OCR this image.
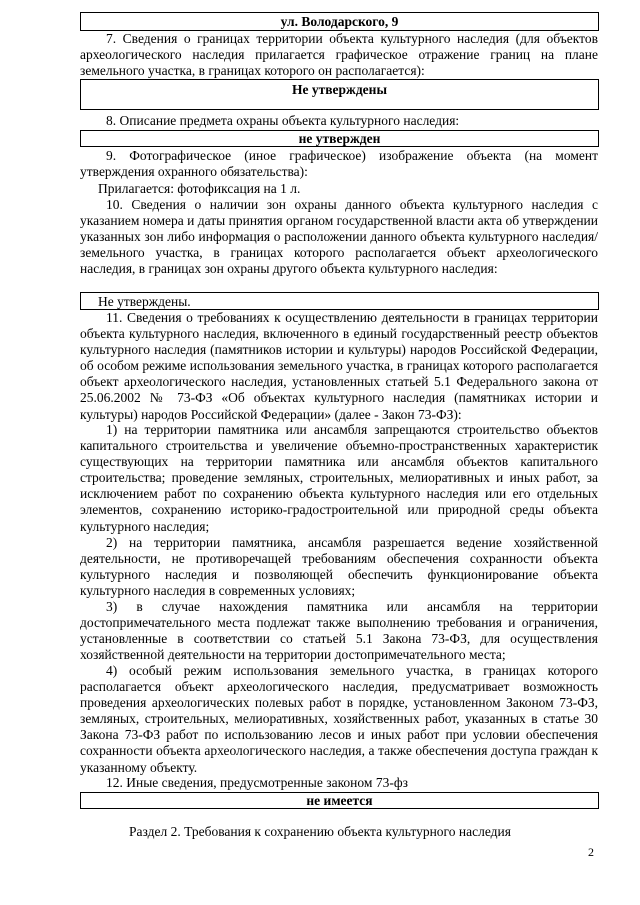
ул. Володарского, 9

7. Сведения о границах территории объекта культурного наследия (для объектов археологического наследия прилагается графическое отражение границ на плане земельного участка, в границах которого он располагается):

Не утверждены

8. Описание предмета охраны объекта культурного наследия:

не утвержден

9. Фотографическое (иное графическое) изображение объекта (на момент утверждения охранного обязательства):

Прилагается: фотофиксация на 1 л.

10. Сведения о наличии зон охраны данного объекта культурного наследия с указанием номера и даты принятия органом государственной власти акта об утверждении указанных зон либо информация о расположении данного объекта культурного наследия/земельного участка, в границах которого располагается объект археологического наследия, в границах зон охраны другого объекта культурного наследия:

Не утверждены.

11. Сведения о требованиях к осуществлению деятельности в границах территории объекта культурного наследия, включенного в единый государственный реестр объектов культурного наследия (памятников истории и культуры) народов Российской Федерации, об особом режиме использования земельного участка, в границах которого располагается объект археологического наследия, установленных статьей 5.1 Федерального закона от 25.06.2002 № 73-ФЗ «Об объектах культурного наследия (памятниках истории и культуры) народов Российской Федерации» (далее - Закон 73-ФЗ):

1) на территории памятника или ансамбля запрещаются строительство объектов капитального строительства и увеличение объемно-пространственных характеристик существующих на территории памятника или ансамбля объектов капитального строительства; проведение земляных, строительных, мелиоративных и иных работ, за исключением работ по сохранению объекта культурного наследия или его отдельных элементов, сохранению историко-градостроительной или природной среды объекта культурного наследия;

2) на территории памятника, ансамбля разрешается ведение хозяйственной деятельности, не противоречащей требованиям обеспечения сохранности объекта культурного наследия и позволяющей обеспечить функционирование объекта культурного наследия в современных условиях;

3) в случае нахождения памятника или ансамбля на территории достопримечательного места подлежат также выполнению требования и ограничения, установленные в соответствии со статьей 5.1 Закона 73-ФЗ, для осуществления хозяйственной деятельности на территории достопримечательного места;

4) особый режим использования земельного участка, в границах которого располагается объект археологического наследия, предусматривает возможность проведения археологических полевых работ в порядке, установленном Законом 73-ФЗ, земляных, строительных, мелиоративных, хозяйственных работ, указанных в статье 30 Закона 73-ФЗ работ по использованию лесов и иных работ при условии обеспечения сохранности объекта археологического наследия, а также обеспечения доступа граждан к указанному объекту.

12. Иные сведения, предусмотренные законом 73-фз

не имеется
Раздел 2. Требования к сохранению объекта культурного наследия
2
